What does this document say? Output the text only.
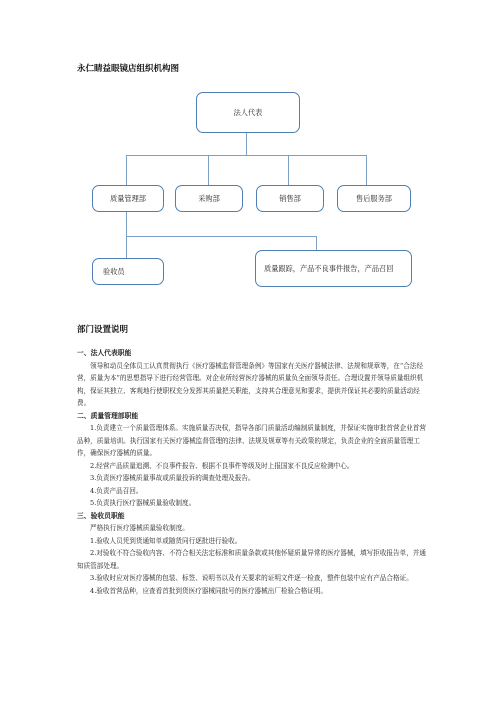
永仁睛益眼镜店组织机构图
法人代表
质量管理部	采购部	销售部	售后服务部
验收员	质量跟踪，产品不良事件报告，产品召回
部门设置说明

一、法人代表职能

领导和动员全体员工认真贯彻执行《医疗器械监督管理条例》等国家有关医疗器械法律、法规和规章等，在“合法经营，质量为本”的思想指导下进行经营管理。对企业所经营医疗器械的质量负全面领导责任。合理设置并领导质量组织机构，保证其独立、客观地行使职权充分发挥其质量把关职能，支持其合理意见和要求，提供并保证其必要的质量活动经费。

二、质量管理部职能

1.负责建立一个质量管理体系。实施质量否决权，指导各部门质量活动编制质量制度，并保证实施审批首营企业首营品种，质量培训。执行国家有关医疗器械监督管理的法律、法规及规章等有关政策的规定，负责企业的全面质量管理工作，确保医疗器械的质量。

2.经营产品质量追溯、不良事件报告、根据不良事件等级及时上报国家不良反应检测中心。

3.负责医疗器械质量事故或质量投诉的调查处理及报告。

4.负责产品召回。

5.负责执行医疗器械质量验收制度。

三、验收员职能

严格执行医疗器械质量验收制度。

1.验收人员凭到货通知单或随货同行逐批进行验收。

2.对验收不符合验收内容、不符合相关法定标准和质量条款或其他怀疑质量异常的医疗器械，填写拒收报告单，并通知质管部处理。

3.验收时应对医疗器械的包装、标签、说明书以及有关要求的证明文件逐一检查，整件包装中应有产品合格证。

4.验收首营品种，应查看首批到货医疗器械同批号的医疗器械出厂检验合格证明。
